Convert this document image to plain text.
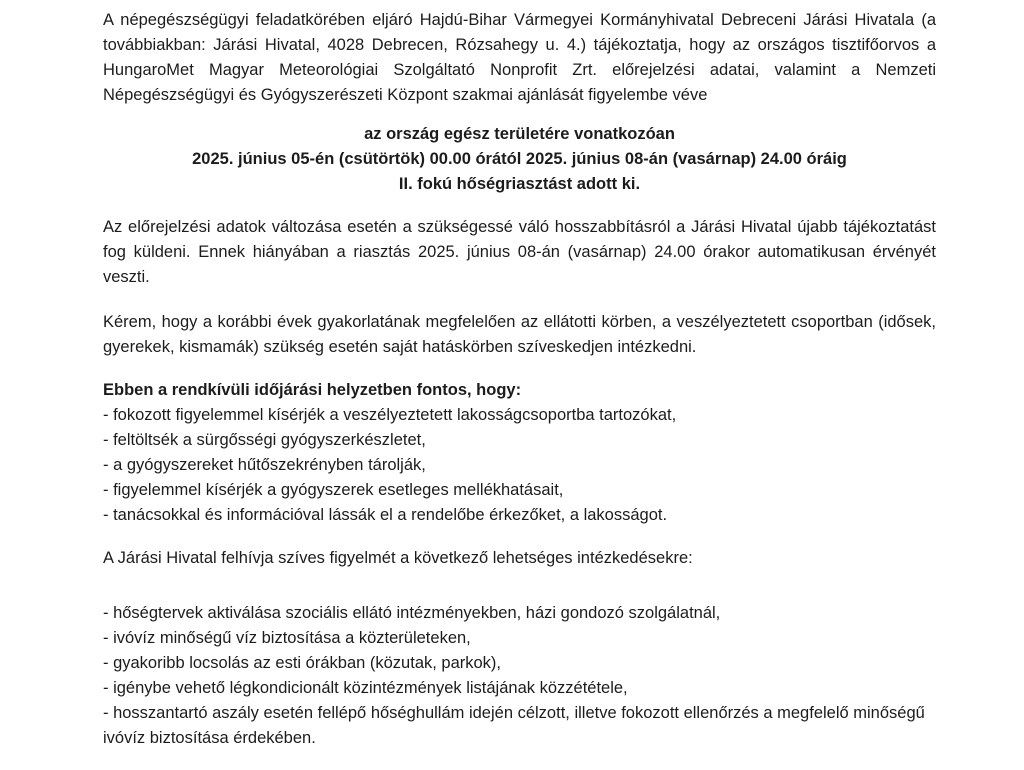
A népegészségügyi feladatkörében eljáró Hajdú-Bihar Vármegyei Kormányhivatal Debreceni Járási Hivatala (a továbbiakban: Járási Hivatal, 4028 Debrecen, Rózsahegy u. 4.) tájékoztatja, hogy az országos tisztifőorvos a HungaroMet Magyar Meteorológiai Szolgáltató Nonprofit Zrt. előrejelzési adatai, valamint a Nemzeti Népegészségügyi és Gyógyszerészeti Központ szakmai ajánlását figyelembe véve

az ország egész területére vonatkozóan
2025. június 05-én (csütörtök) 00.00 órától 2025. június 08-án (vasárnap) 24.00 óráig
II. fokú hőségriasztást adott ki.

Az előrejelzési adatok változása esetén a szükségessé váló hosszabbításról a Járási Hivatal újabb tájékoztatást fog küldeni. Ennek hiányában a riasztás 2025. június 08-án (vasárnap) 24.00 órakor automatikusan érvényét veszti.

Kérem, hogy a korábbi évek gyakorlatának megfelelően az ellátotti körben, a veszélyeztetett csoportban (idősek, gyerekek, kismamák) szükség esetén saját hatáskörben szíveskedjen intézkedni.

Ebben a rendkívüli időjárási helyzetben fontos, hogy:
- fokozott figyelemmel kísérjék a veszélyeztetett lakosságcsoportba tartozókat,
- feltöltsék a sürgősségi gyógyszerkészletet,
- a gyógyszereket hűtőszekrényben tárolják,
- figyelemmel kísérjék a gyógyszerek esetleges mellékhatásait,
- tanácsokkal és információval lássák el a rendelőbe érkezőket, a lakosságot.

A Járási Hivatal felhívja szíves figyelmét a következő lehetséges intézkedésekre:

- hőségtervek aktiválása szociális ellátó intézményekben, házi gondozó szolgálatnál,
- ivóvíz minőségű víz biztosítása a közterületeken,
- gyakoribb locsolás az esti órákban (közutak, parkok),
- igénybe vehető légkondicionált közintézmények listájának közzététele,
- hosszantartó aszály esetén fellépő hőséghullám idején célzott, illetve fokozott ellenőrzés a megfelelő minőségű ivóvíz biztosítása érdekében.
